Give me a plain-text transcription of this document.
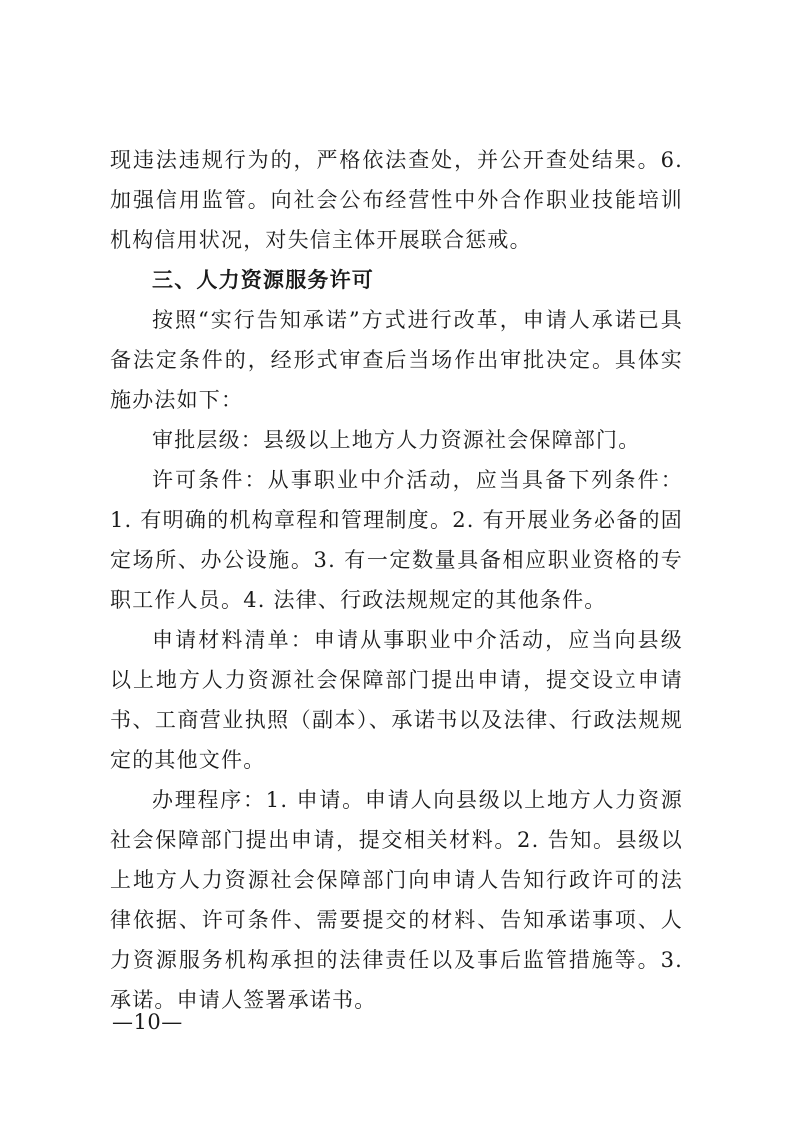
现违法违规行为的，严格依法查处，并公开查处结果。6. 加强信用监管。向社会公布经营性中外合作职业技能培训机构信用状况，对失信主体开展联合惩戒。

三、人力资源服务许可

按照“实行告知承诺”方式进行改革，申请人承诺已具备法定条件的，经形式审查后当场作出审批决定。具体实施办法如下：

审批层级：县级以上地方人力资源社会保障部门。

许可条件：从事职业中介活动，应当具备下列条件：1. 有明确的机构章程和管理制度。2. 有开展业务必备的固定场所、办公设施。3. 有一定数量具备相应职业资格的专职工作人员。4. 法律、行政法规规定的其他条件。

申请材料清单：申请从事职业中介活动，应当向县级以上地方人力资源社会保障部门提出申请，提交设立申请书、工商营业执照（副本）、承诺书以及法律、行政法规规定的其他文件。

办理程序：1. 申请。申请人向县级以上地方人力资源社会保障部门提出申请，提交相关材料。2. 告知。县级以上地方人力资源社会保障部门向申请人告知行政许可的法律依据、许可条件、需要提交的材料、告知承诺事项、人力资源服务机构承担的法律责任以及事后监管措施等。3. 承诺。申请人签署承诺书。

—10—
